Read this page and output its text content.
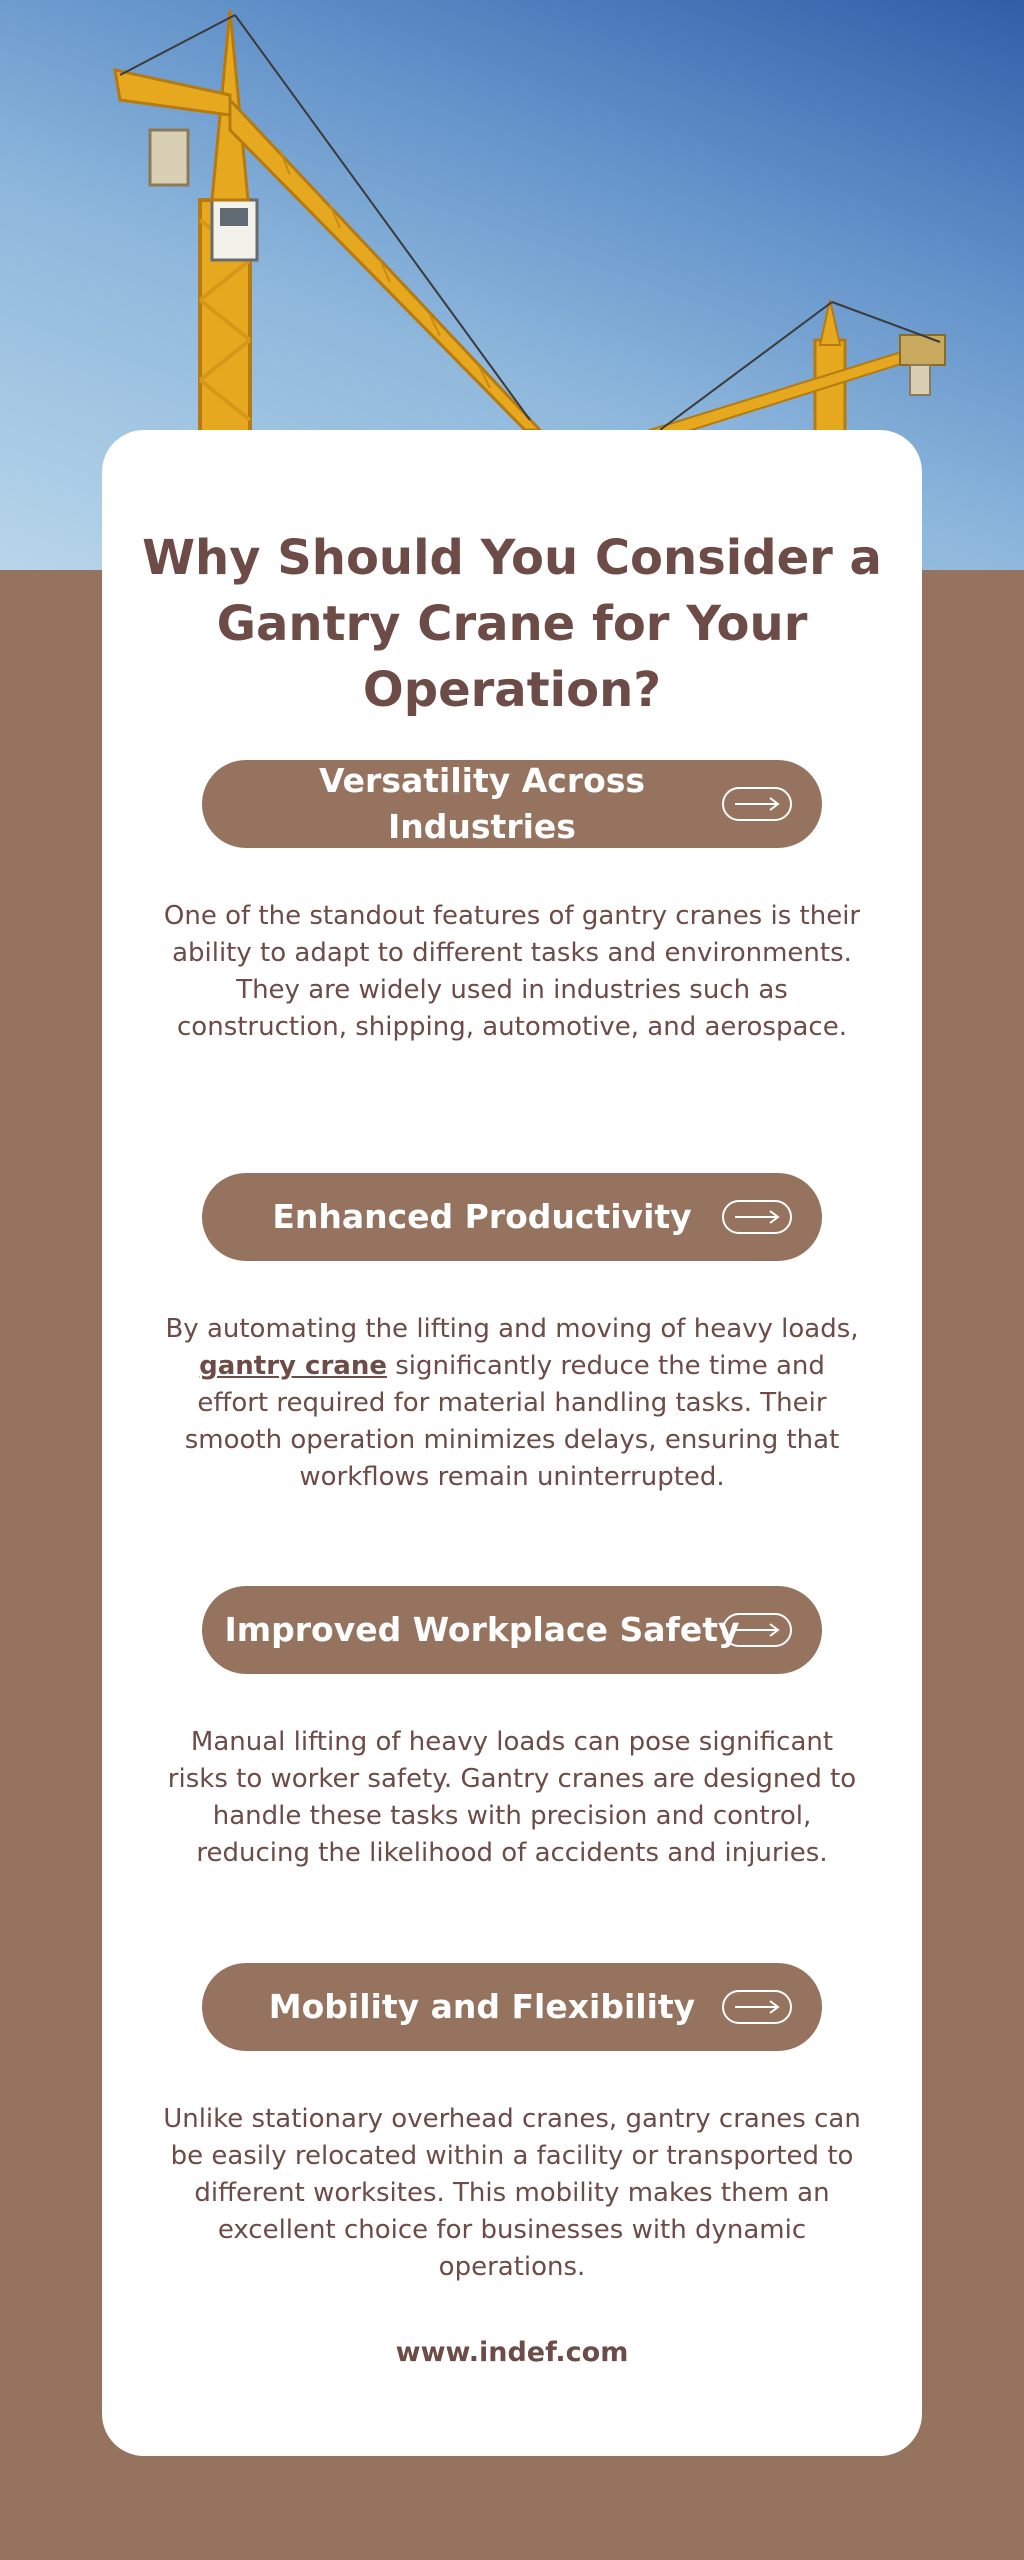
Why Should You Consider a Gantry Crane for Your Operation?
Versatility Across Industries

One of the standout features of gantry cranes is their ability to adapt to different tasks and environments. They are widely used in industries such as construction, shipping, automotive, and aerospace.

Enhanced Productivity

By automating the lifting and moving of heavy loads, gantry crane significantly reduce the time and effort required for material handling tasks. Their smooth operation minimizes delays, ensuring that workflows remain uninterrupted.

Improved Workplace Safety

Manual lifting of heavy loads can pose significant risks to worker safety. Gantry cranes are designed to handle these tasks with precision and control, reducing the likelihood of accidents and injuries.

Mobility and Flexibility

Unlike stationary overhead cranes, gantry cranes can be easily relocated within a facility or transported to different worksites. This mobility makes them an excellent choice for businesses with dynamic operations.

www.indef.com
